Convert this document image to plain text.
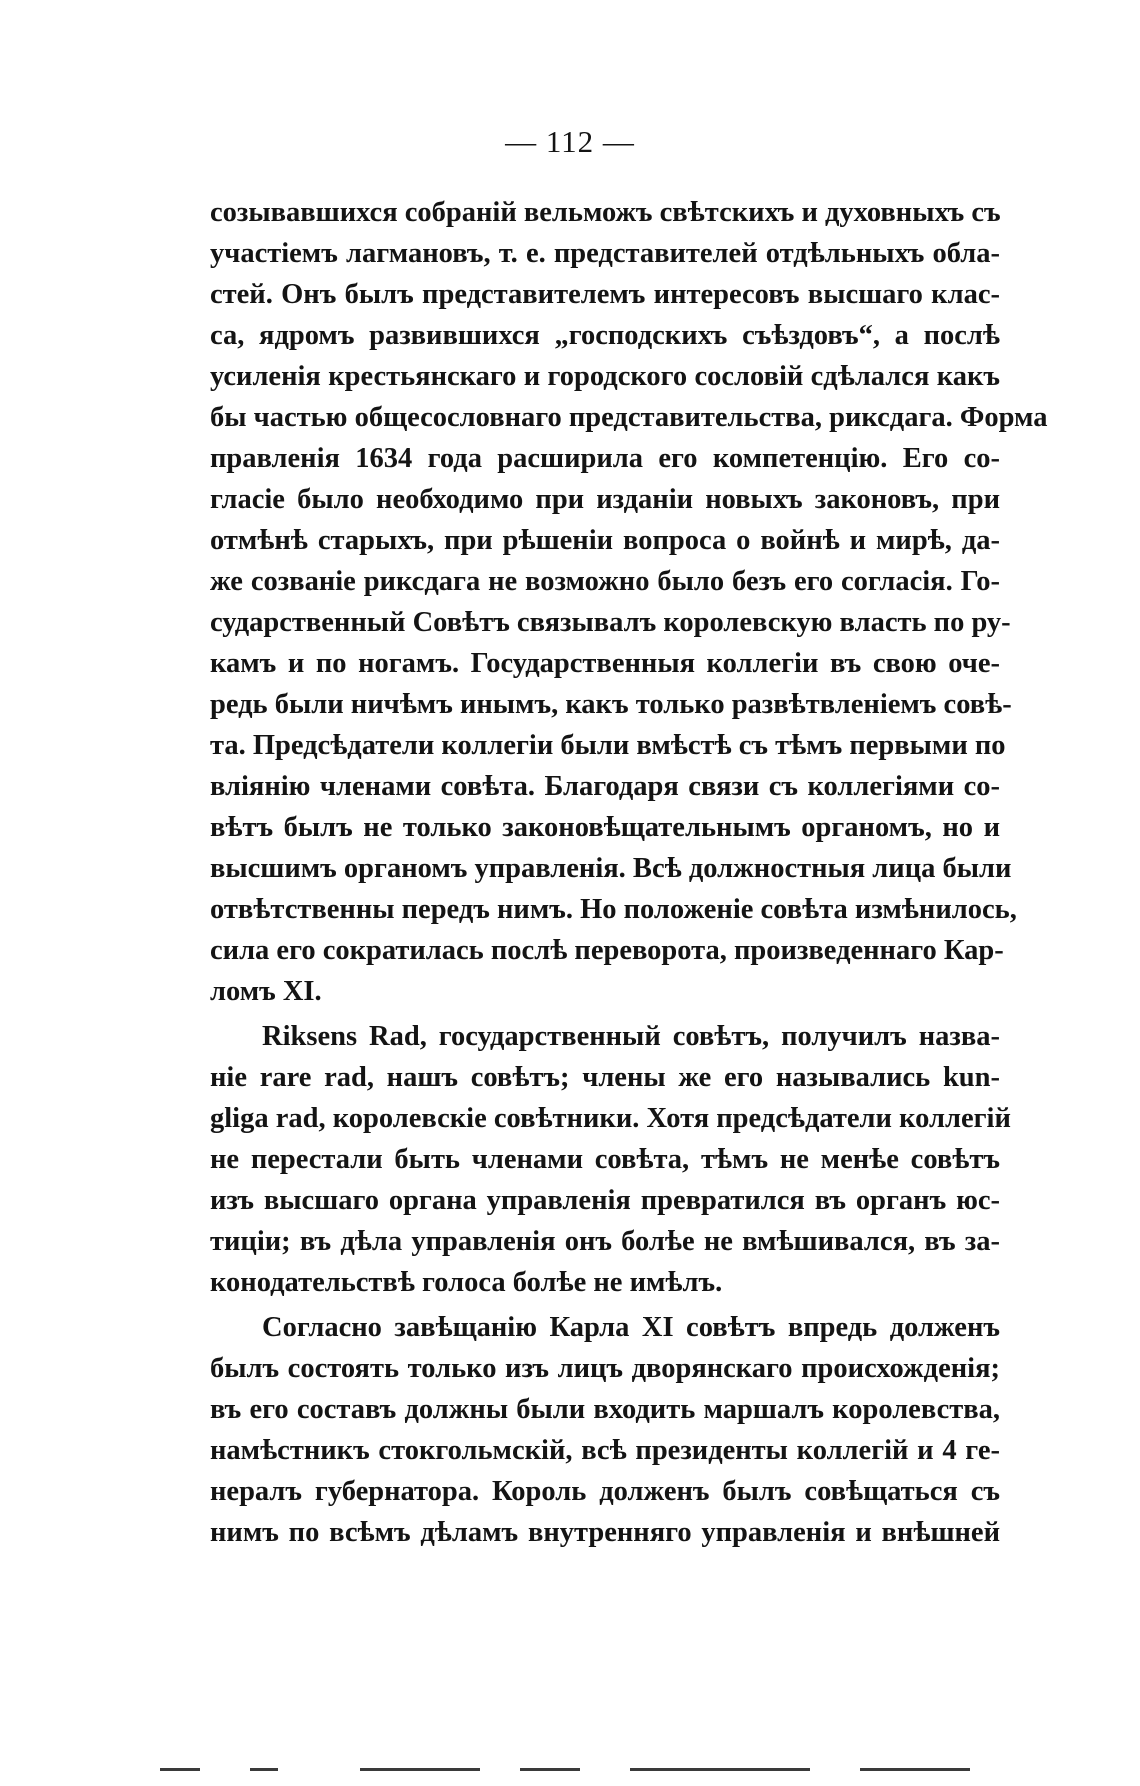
— 112 —
созывавшихся собраній вельможъ свѣтскихъ и духовныхъ съ
участіемъ лагмановъ, т. е. представителей отдѣльныхъ обла-
стей. Онъ былъ представителемъ интересовъ высшаго клас-
са, ядромъ развившихся „господскихъ съѣздовъ“, а послѣ
усиленія крестьянскаго и городского сословій сдѣлался какъ
бы частью общесословнаго представительства, риксдага. Форма
правленія 1634 года расширила его компетенцію. Его со-
гласіе было необходимо при изданіи новыхъ законовъ, при
отмѣнѣ старыхъ, при рѣшеніи вопроса о войнѣ и мирѣ, да-
же созваніе риксдага не возможно было безъ его согласія. Го-
сударственный Совѣтъ связывалъ королевскую власть по ру-
камъ и по ногамъ. Государственныя коллегіи въ свою оче-
редь были ничѣмъ инымъ, какъ только развѣтвленіемъ совѣ-
та. Предсѣдатели коллегіи были вмѣстѣ съ тѣмъ первыми по
вліянію членами совѣта. Благодаря связи съ коллегіями со-
вѣтъ былъ не только законовѣщательнымъ органомъ, но и
высшимъ органомъ управленія. Всѣ должностныя лица были
отвѣтственны передъ нимъ. Но положеніе совѣта измѣнилось,
сила его сократилась послѣ переворота, произведеннаго Кар-
ломъ XI.
Riksens Rad, государственный совѣтъ, получилъ назва-
ніе rare rad, нашъ совѣтъ; члены же его назывались kun-
gliga rad, королевскіе совѣтники. Хотя предсѣдатели коллегій
не перестали быть членами совѣта, тѣмъ не менѣе совѣтъ
изъ высшаго органа управленія превратился въ органъ юс-
тиціи; въ дѣла управленія онъ болѣе не вмѣшивался, въ за-
конодательствѣ голоса болѣе не имѣлъ.
Согласно завѣщанію Карла XI совѣтъ впредь долженъ
былъ состоять только изъ лицъ дворянскаго происхожденія;
въ его составъ должны были входить маршалъ королевства,
намѣстникъ стокгольмскій, всѣ президенты коллегій и 4 ге-
нералъ губернатора. Король долженъ былъ совѣщаться съ
нимъ по всѣмъ дѣламъ внутренняго управленія и внѣшней
